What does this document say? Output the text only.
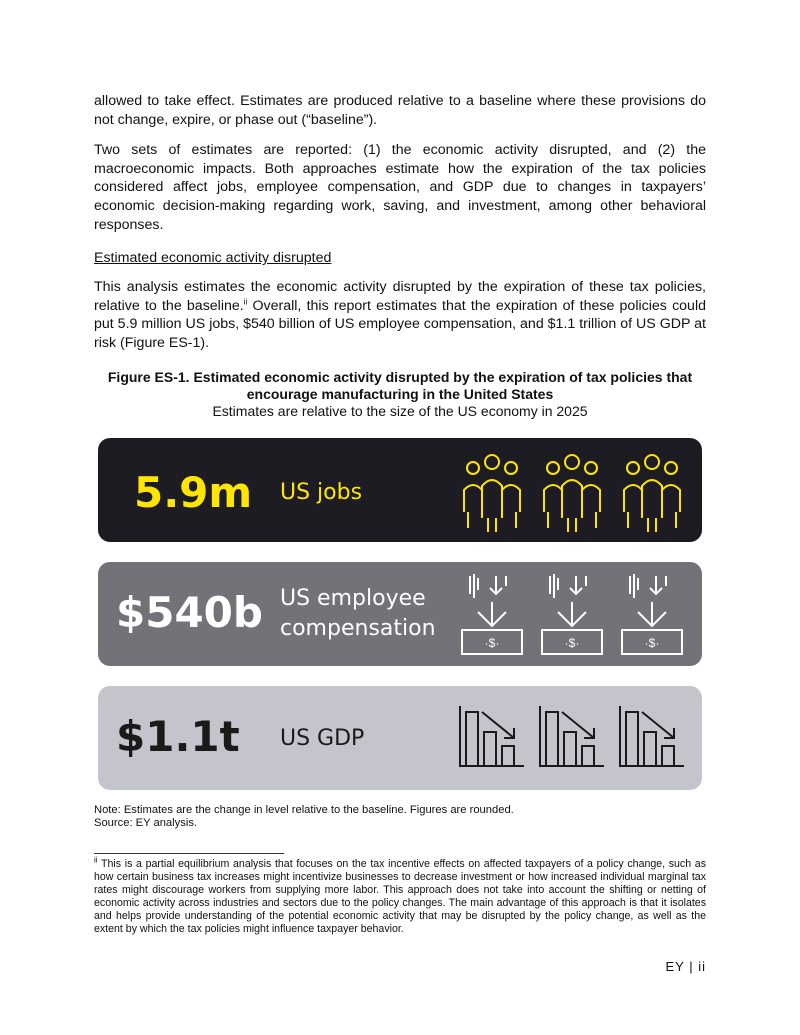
allowed to take effect. Estimates are produced relative to a baseline where these provisions do not change, expire, or phase out (“baseline”).

Two sets of estimates are reported: (1) the economic activity disrupted, and (2) the macroeconomic impacts. Both approaches estimate how the expiration of the tax policies considered affect jobs, employee compensation, and GDP due to changes in taxpayers’ economic decision-making regarding work, saving, and investment, among other behavioral responses.

Estimated economic activity disrupted

This analysis estimates the economic activity disrupted by the expiration of these tax policies, relative to the baseline.$^{ii}$ Overall, this report estimates that the expiration of these policies could put 5.9 million US jobs, $540 billion of US employee compensation, and $1.1 trillion of US GDP at risk (Figure ES-1).

Figure ES-1. Estimated economic activity disrupted by the expiration of tax policies that encourage manufacturing in the United States
Estimates are relative to the size of the US economy in 2025
5.9m US jobs
$540b US employee
compensation
·$·	·$·	·$·
$1.1t US GDP
Note: Estimates are the change in level relative to the baseline. Figures are rounded.
Source: EY analysis.
$^{ii}$ This is a partial equilibrium analysis that focuses on the tax incentive effects on affected taxpayers of a policy change, such as how certain business tax increases might incentivize businesses to decrease investment or how increased individual marginal tax rates might discourage workers from supplying more labor. This approach does not take into account the shifting or netting of economic activity across industries and sectors due to the policy changes. The main advantage of this approach is that it isolates and helps provide understanding of the potential economic activity that may be disrupted by the policy change, as well as the extent by which the tax policies might influence taxpayer behavior.
EY | ii
